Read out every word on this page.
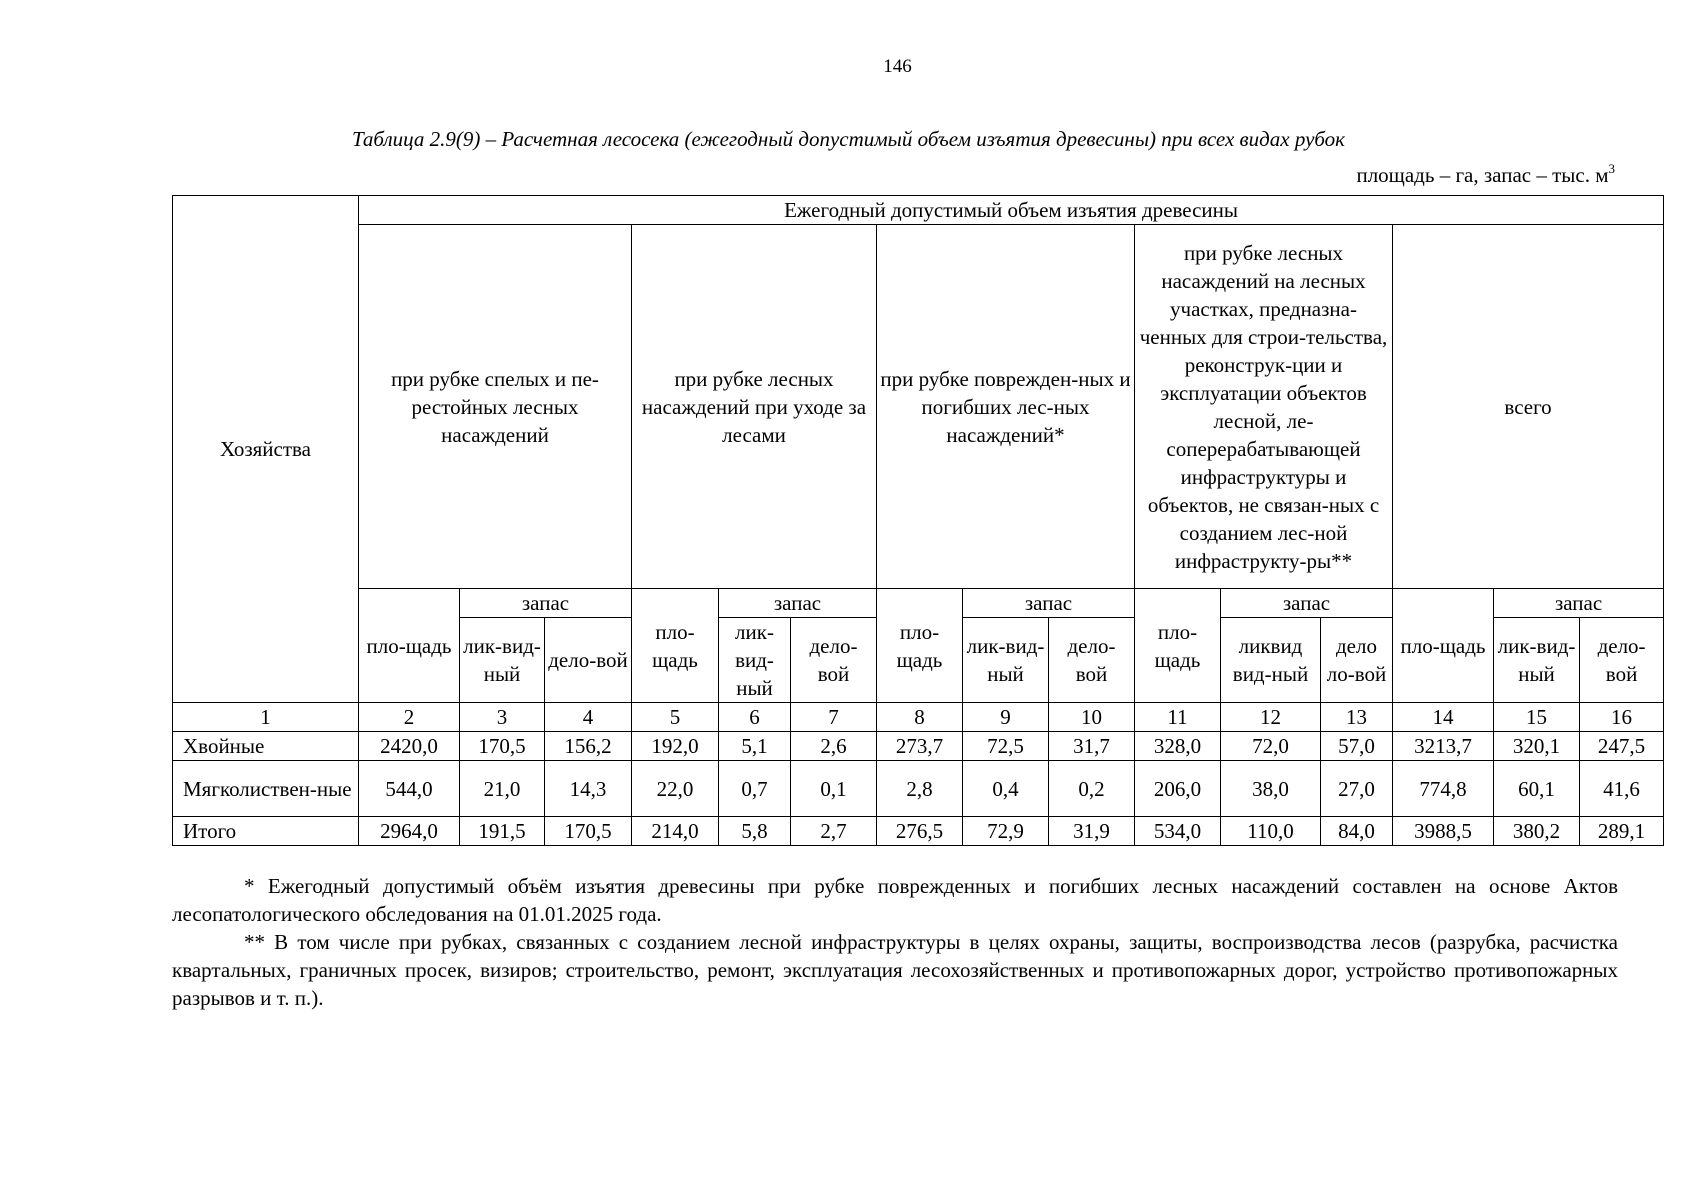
146
Таблица 2.9(9) – Расчетная лесосека (ежегодный допустимый объем изъятия древесины) при всех видах рубок
площадь – га, запас – тыс. $м^3$
Хозяйства	Ежегодный допустимый объем изъятия древесины														
	при рубке спелых и пе-рестойных лесных насаждений			при рубке лесных насаждений при уходе за лесами			при рубке поврежден-ных и погибших лес-ных насаждений*			при рубке лесных насаждений на лесных участках, предназна-ченных для строи-тельства, реконструк-ции и эксплуатации объектов лесной, ле-соперерабатывающей инфраструктуры и объектов, не связан-ных с созданием лес-ной инфраструкту-ры**			всего		
	пло-щадь	запас		пло-щадь	запас		пло-щадь	запас		пло-щадь	запас		пло-щадь	запас	
		лик-вид-ный	дело-вой		лик-вид-ный	дело-вой		лик-вид-ный	дело-вой		ликвид вид-ный	дело ло-вой		лик-вид-ный	дело-вой

1	2	3	4	5	6	7	8	9	10	11	12	13	14	15	16
Хвойные	2420,0	170,5	156,2	192,0	5,1	2,6	273,7	72,5	31,7	328,0	72,0	57,0	3213,7	320,1	247,5
Мягколиствен-ные	544,0	21,0	14,3	22,0	0,7	0,1	2,8	0,4	0,2	206,0	38,0	27,0	774,8	60,1	41,6
Итого	2964,0	191,5	170,5	214,0	5,8	2,7	276,5	72,9	31,9	534,0	110,0	84,0	3988,5	380,2	289,1

* Ежегодный допустимый объём изъятия древесины при рубке поврежденных и погибших лесных насаждений составлен на основе Актов лесопатологического обследования на 01.01.2025 года.

** В том числе при рубках, связанных с созданием лесной инфраструктуры в целях охраны, защиты, воспроизводства лесов (разрубка, расчистка квартальных, граничных просек, визиров; строительство, ремонт, эксплуатация лесохозяйственных и противопожарных дорог, устройство противопожарных разрывов и т. п.).
